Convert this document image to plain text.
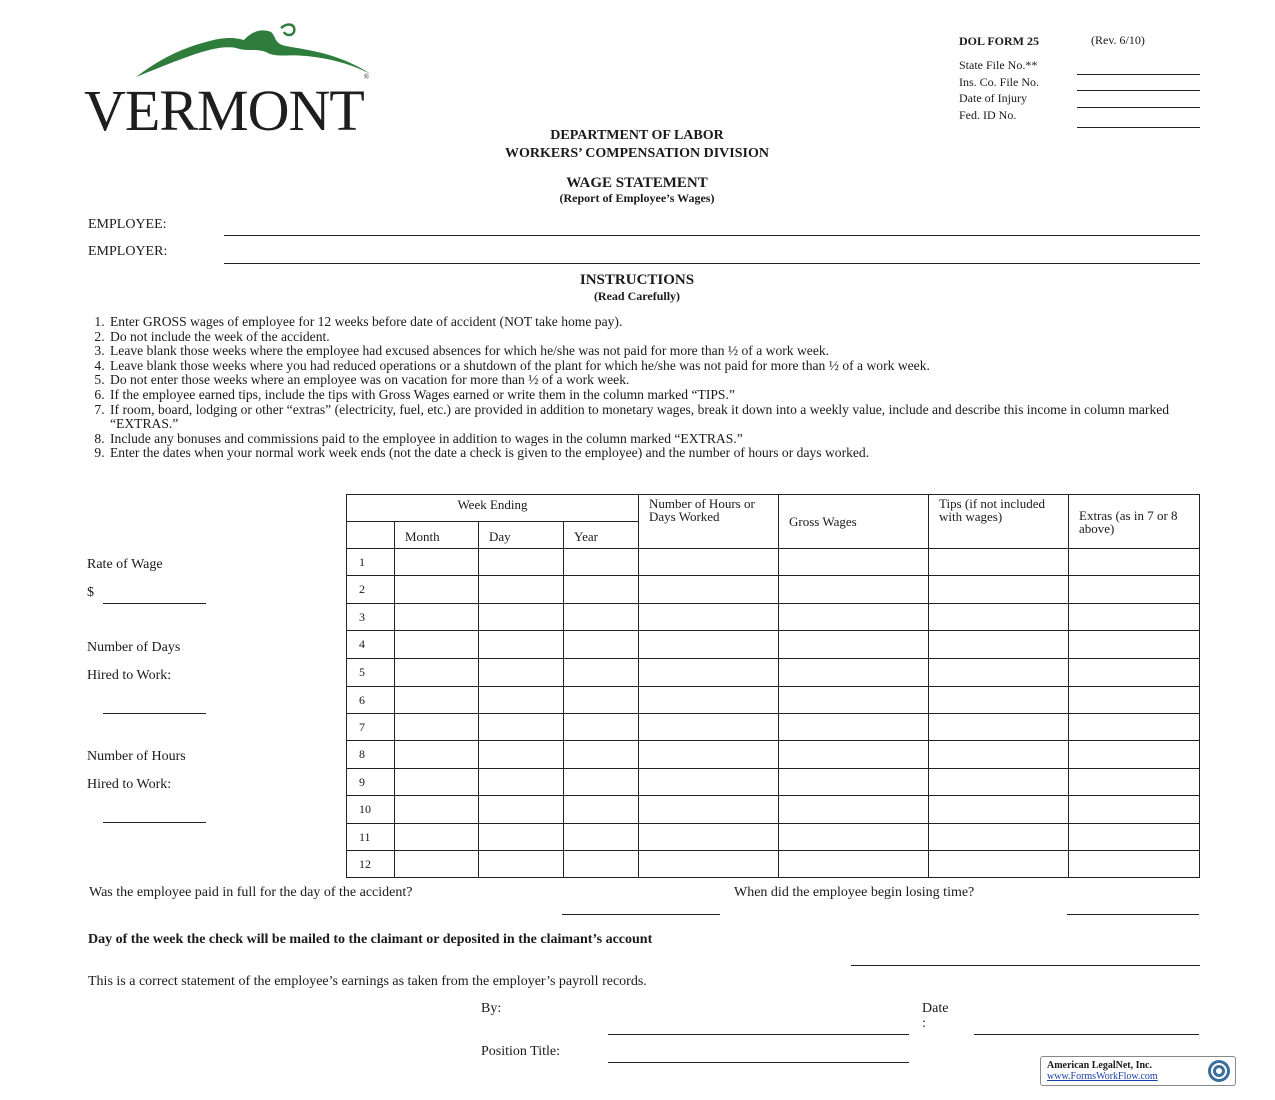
VERMONT®
DOL FORM 25	(Rev. 6/10)
State File No.**
Ins. Co. File No.
Date of Injury
Fed. ID No.
DEPARTMENT OF LABOR
WORKERS’ COMPENSATION DIVISION
WAGE STATEMENT
(Report of Employee’s Wages)
EMPLOYEE:
EMPLOYER:
INSTRUCTIONS
(Read Carefully)
1. Enter GROSS wages of employee for 12 weeks before date of accident (NOT take home pay).
2. Do not include the week of the accident.
3. Leave blank those weeks where the employee had excused absences for which he/she was not paid for more than ½ of a work week.
4. Leave blank those weeks where you had reduced operations or a shutdown of the plant for which he/she was not paid for more than ½ of a work week.
5. Do not enter those weeks where an employee was on vacation for more than ½ of a work week.
6. If the employee earned tips, include the tips with Gross Wages earned or write them in the column marked “TIPS.”
7. If room, board, lodging or other “extras” (electricity, fuel, etc.) are provided in addition to monetary wages, break it down into a weekly value, include and describe this income in column marked “EXTRAS.”
8. Include any bonuses and commissions paid to the employee in addition to wages in the column marked “EXTRAS.”
9. Enter the dates when your normal work week ends (not the date a check is given to the employee) and the number of hours or days worked.
Rate of Wage
$
Number of Days
Hired to Work:
Number of Hours
Hired to Work:
Week Ending				Number of Hours or Days Worked	Gross Wages	Tips (if not included with wages)	Extras (as in 7 or 8 above)
	Month	Day	Year				
1							
2							
3							
4							
5							
6							
7							
8							
9							
10							
11							
12							
Was the employee paid in full for the day of the accident?	When did the employee begin losing time?
Day of the week the check will be mailed to the claimant or deposited in the claimant’s account
This is a correct statement of the employee’s earnings as taken from the employer’s payroll records.
By:	Date
:
Position Title:
American LegalNet, Inc.
www.FormsWorkFlow.com
